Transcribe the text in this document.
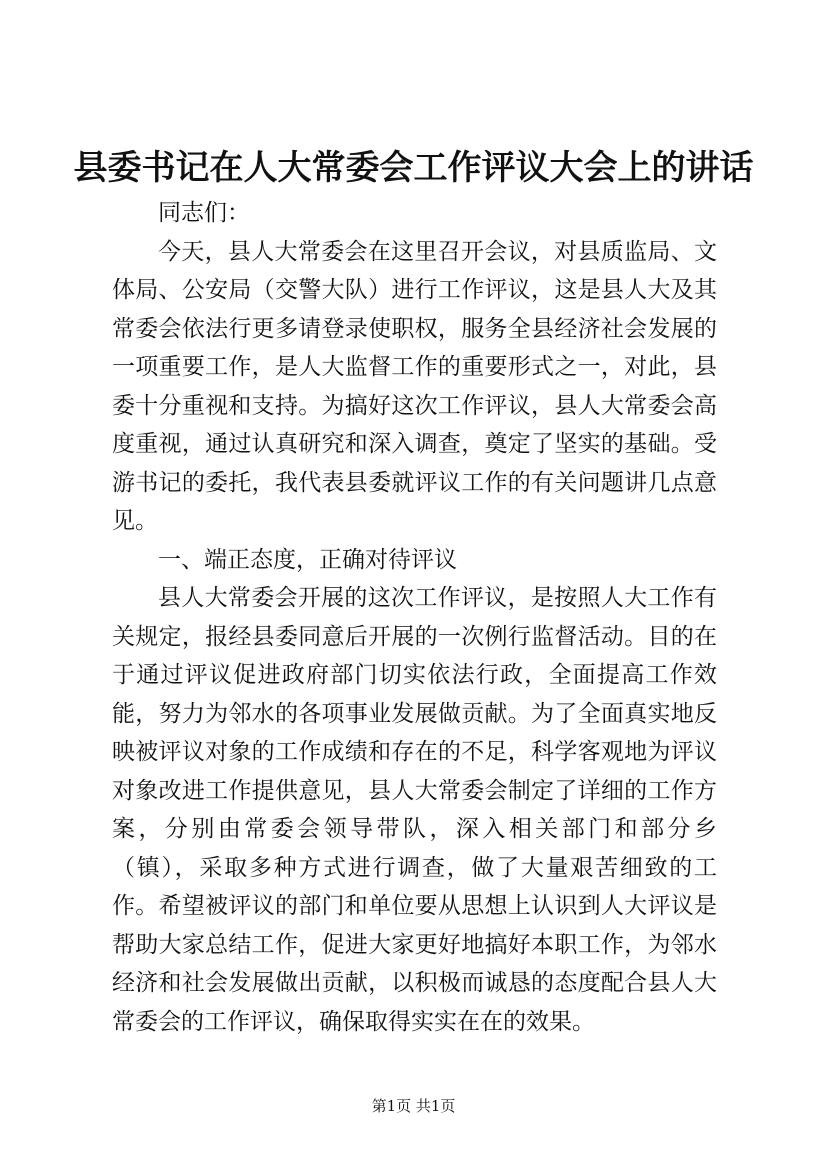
县委书记在人大常委会工作评议大会上的讲话

同志们：

今天，县人大常委会在这里召开会议，对县质监局、文体局、公安局（交警大队）进行工作评议，这是县人大及其常委会依法行更多请登录使职权，服务全县经济社会发展的一项重要工作，是人大监督工作的重要形式之一，对此，县委十分重视和支持。为搞好这次工作评议，县人大常委会高度重视，通过认真研究和深入调查，奠定了坚实的基础。受游书记的委托，我代表县委就评议工作的有关问题讲几点意见。

一、端正态度，正确对待评议

县人大常委会开展的这次工作评议，是按照人大工作有关规定，报经县委同意后开展的一次例行监督活动。目的在于通过评议促进政府部门切实依法行政，全面提高工作效能，努力为邻水的各项事业发展做贡献。为了全面真实地反映被评议对象的工作成绩和存在的不足，科学客观地为评议对象改进工作提供意见，县人大常委会制定了详细的工作方案，分别由常委会领导带队，深入相关部门和部分乡（镇），采取多种方式进行调查，做了大量艰苦细致的工作。希望被评议的部门和单位要从思想上认识到人大评议是帮助大家总结工作，促进大家更好地搞好本职工作，为邻水经济和社会发展做出贡献，以积极而诚恳的态度配合县人大常委会的工作评议，确保取得实实在在的效果。

第1页 共1页
